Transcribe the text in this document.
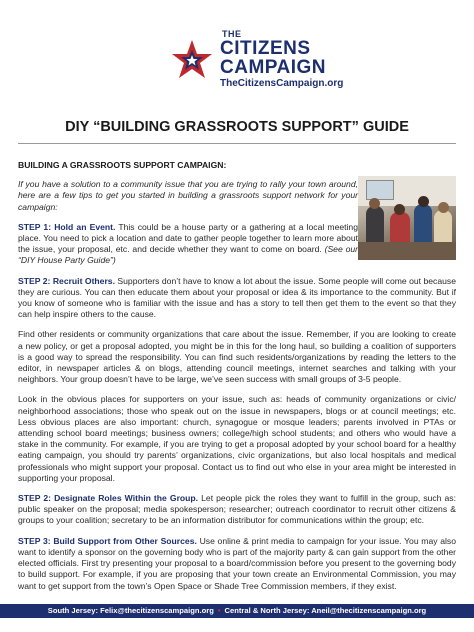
THE
CITIZENS
CAMPAIGN
TheCitizensCampaign.org
DIY “BUILDING GRASSROOTS SUPPORT” GUIDE

BUILDING A GRASSROOTS SUPPORT CAMPAIGN:

If you have a solution to a community issue that you are trying to rally your town around, here are a few tips to get you started in building a grassroots support network for your campaign:

STEP 1: Hold an Event. This could be a house party or a gathering at a local meeting place. You need to pick a location and date to gather people together to learn more about the issue, your proposal, etc. and decide whether they want to come on board. (See our “DIY House Party Guide”)

STEP 2: Recruit Others. Supporters don’t have to know a lot about the issue. Some people will come out because they are curious. You can then educate them about your proposal or idea & its importance to the community. But if you know of someone who is familiar with the issue and has a story to tell then get them to the event so that they can help inspire others to the cause.

Find other residents or community organizations that care about the issue. Remember, if you are looking to create a new policy, or get a proposal adopted, you might be in this for the long haul, so building a coalition of supporters is a good way to spread the responsibility. You can find such residents/organizations by reading the letters to the editor, in newspaper articles & on blogs, attending council meetings, internet searches and talking with your neighbors. Your group doesn’t have to be large, we’ve seen success with small groups of 3-5 people.

Look in the obvious places for supporters on your issue, such as: heads of community organizations or civic/ neighborhood associations; those who speak out on the issue in newspapers, blogs or at council meetings; etc. Less obvious places are also important: church, synagogue or mosque leaders; parents involved in PTAs or attending school board meetings; business owners; college/high school students; and others who would have a stake in the community. For example, if you are trying to get a proposal adopted by your school board for a healthy eating campaign, you should try parents’ organizations, civic organizations, but also local hospitals and medical professionals who might support your proposal. Contact us to find out who else in your area might be interested in supporting your proposal.

STEP 2: Designate Roles Within the Group. Let people pick the roles they want to fulfill in the group, such as: public speaker on the proposal; media spokesperson; researcher; outreach coordinator to recruit other citizens & groups to your coalition; secretary to be an information distributor for communications within the group; etc.

STEP 3: Build Support from Other Sources. Use online & print media to campaign for your issue. You may also want to identify a sponsor on the governing body who is part of the majority party & can gain support from the other elected officials. First try presenting your proposal to a board/commission before you present to the governing body to build support. For example, if you are proposing that your town create an Environmental Commission, you may want to get support from the town’s Open Space or Shade Tree Commission members, if they exist.

South Jersey: Felix@thecitizenscampaign.org • Central & North Jersey: Aneil@thecitizenscampaign.org
